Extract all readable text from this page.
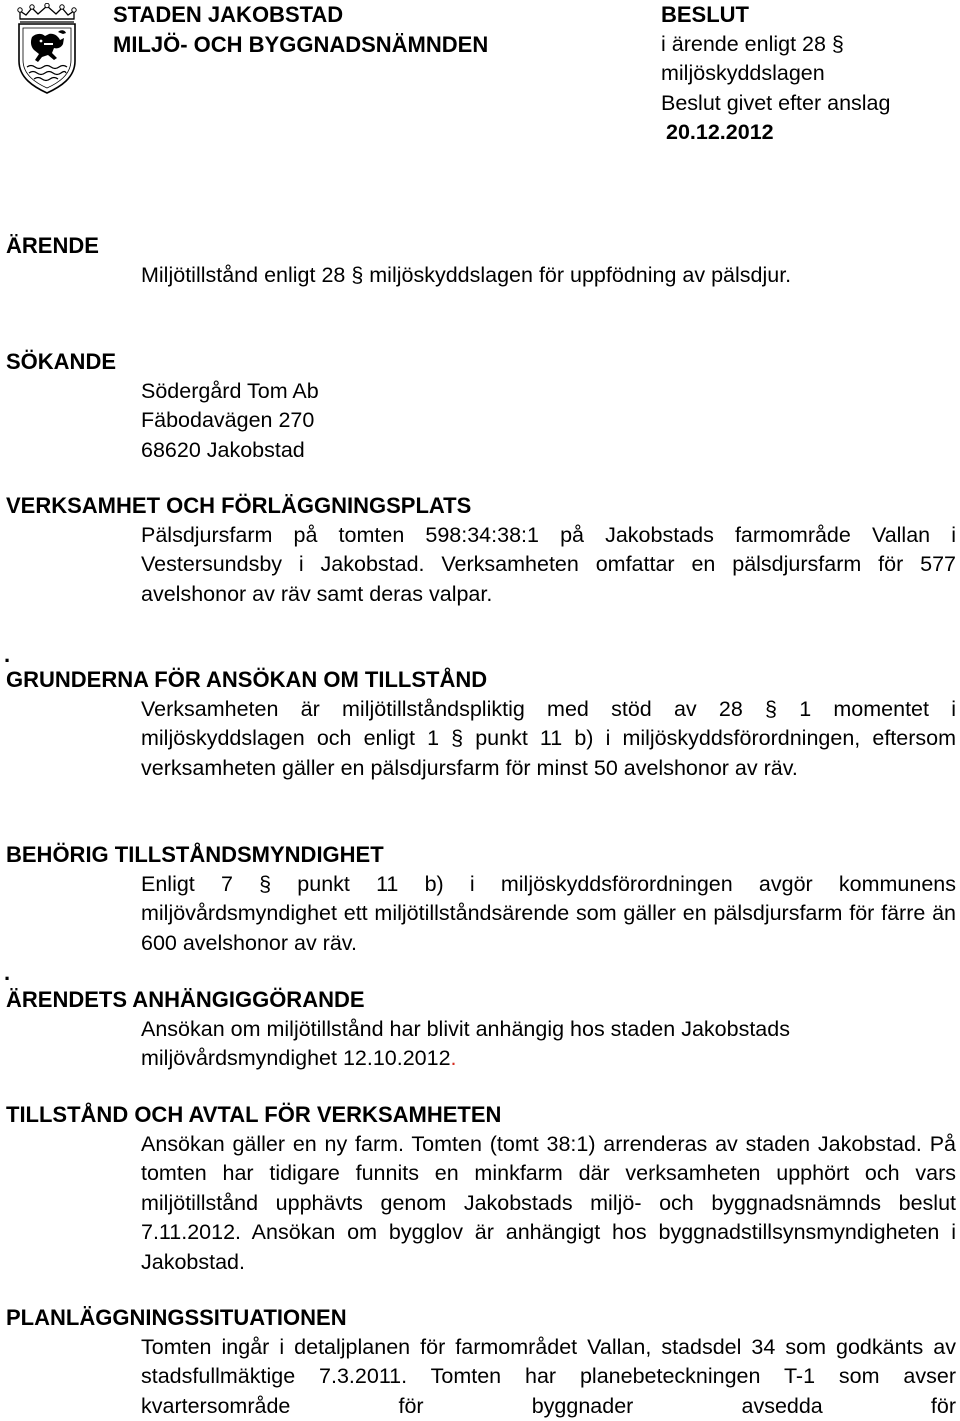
STADEN JAKOBSTAD
MILJÖ- OCH BYGGNADSNÄMNDEN
BESLUT
i ärende enligt 28 §
miljöskyddslagen
Beslut givet efter anslag
20.12.2012
ÄRENDE
Miljötillstånd enligt 28 § miljöskyddslagen för uppfödning av pälsdjur.
SÖKANDE
Södergård Tom Ab
Fäbodavägen 270
68620 Jakobstad
VERKSAMHET OCH FÖRLÄGGNINGSPLATS
Pälsdjursfarm på tomten 598:34:38:1 på Jakobstads farmområde Vallan i Vestersundsby i Jakobstad. Verksamheten omfattar en pälsdjursfarm för 577 avelshonor av räv samt deras valpar.
.
GRUNDERNA FÖR ANSÖKAN OM TILLSTÅND
Verksamheten är miljötillståndspliktig med stöd av 28 § 1 momentet i miljöskyddslagen och enligt 1 § punkt 11 b) i miljöskyddsförordningen, eftersom verksamheten gäller en pälsdjursfarm för minst 50 avelshonor av räv.
BEHÖRIG TILLSTÅNDSMYNDIGHET
Enligt 7 § punkt 11 b) i miljöskyddsförordningen avgör kommunens miljövårdsmyndighet ett miljötillståndsärende som gäller en pälsdjursfarm för färre än 600 avelshonor av räv.
.
ÄRENDETS ANHÄNGIGGÖRANDE
Ansökan om miljötillstånd har blivit anhängig hos staden Jakobstads miljövårdsmyndighet 12.10.2012.
TILLSTÅND OCH AVTAL FÖR VERKSAMHETEN
Ansökan gäller en ny farm. Tomten (tomt 38:1) arrenderas av staden Jakobstad. På tomten har tidigare funnits en minkfarm där verksamheten upphört och vars miljötillstånd upphävts genom Jakobstads miljö- och byggnadsnämnds beslut 7.11.2012. Ansökan om bygglov är anhängigt hos byggnadstillsynsmyndigheten i Jakobstad.
PLANLÄGGNINGSSITUATIONEN
Tomten ingår i detaljplanen för farmområdet Vallan, stadsdel 34 som godkänts av stadsfullmäktige 7.3.2011. Tomten har planebeteckningen T-1 som avser kvartersområde för byggnader avsedda för
